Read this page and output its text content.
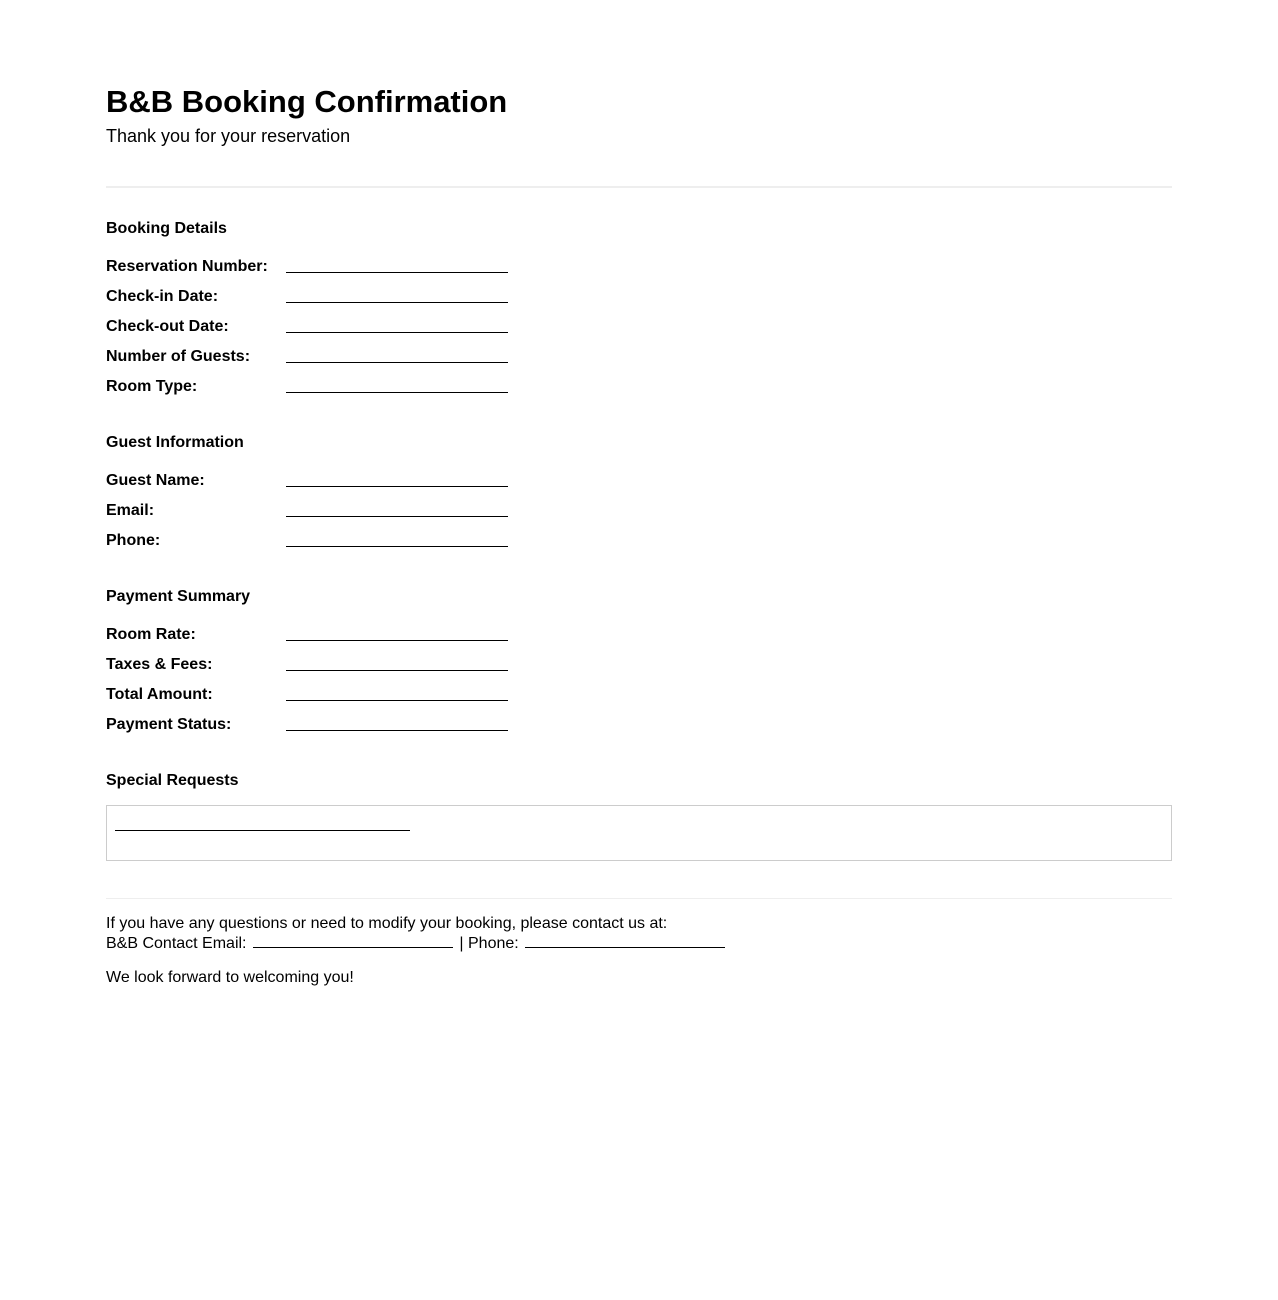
B&B Booking Confirmation

Thank you for your reservation

Booking Details
Reservation Number:
Check-in Date:
Check-out Date:
Number of Guests:
Room Type:
Guest Information
Guest Name:
Email:
Phone:
Payment Summary
Room Rate:
Taxes & Fees:
Total Amount:
Payment Status:
Special Requests
If you have any questions or need to modify your booking, please contact us at:
B&B Contact Email:	| Phone:
We look forward to welcoming you!
